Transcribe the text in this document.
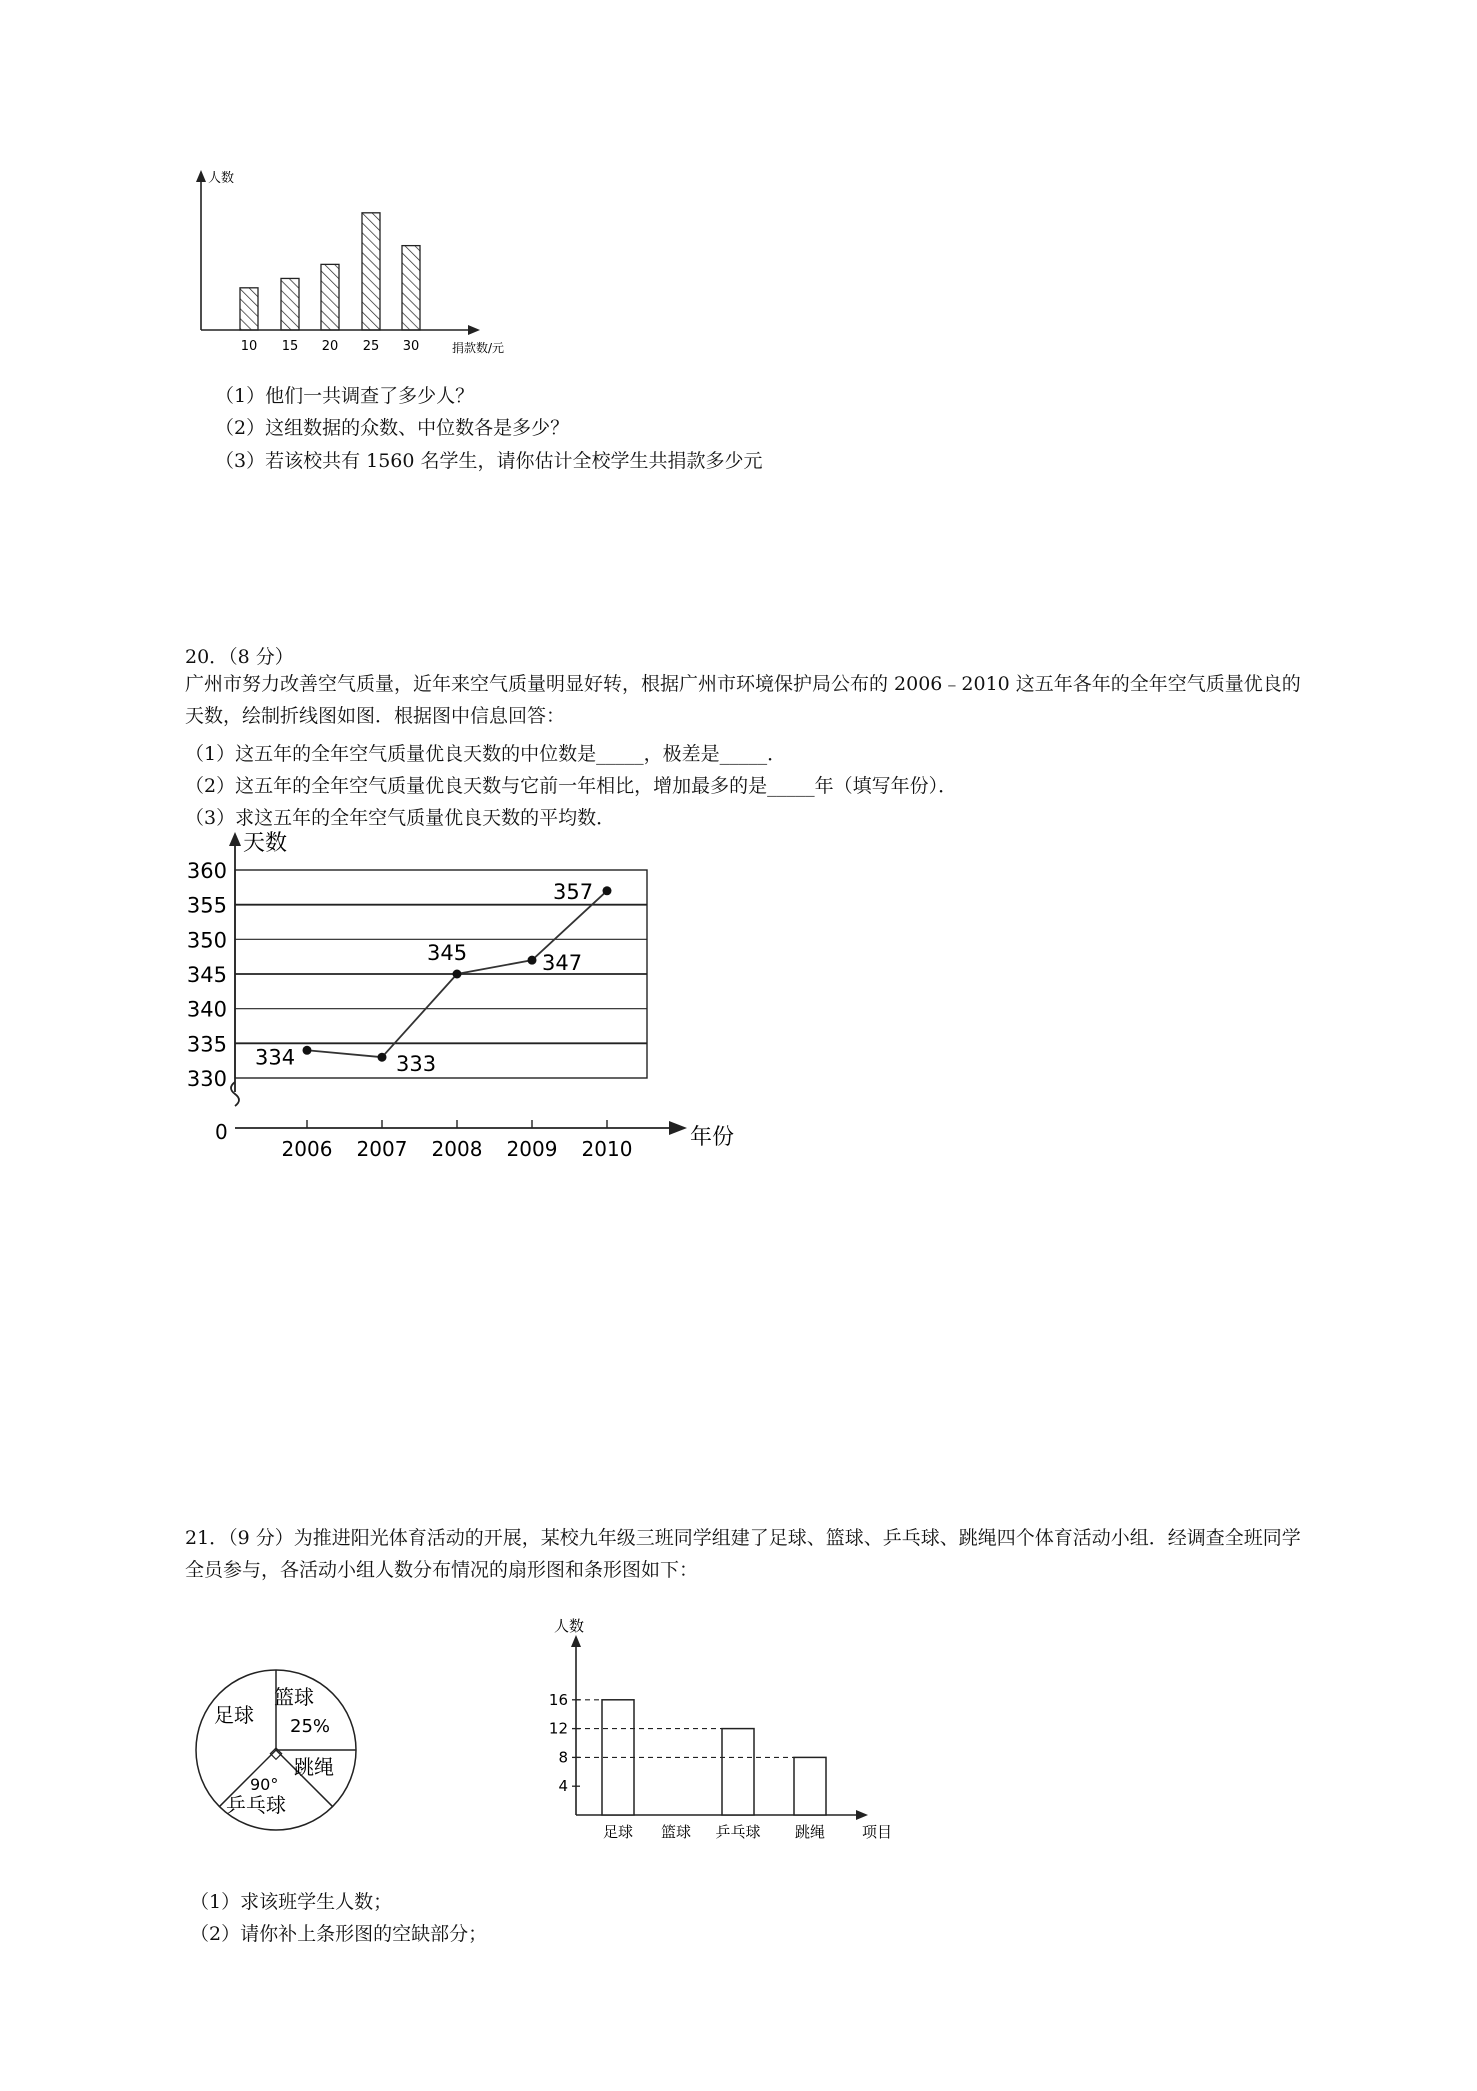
人数
捐款数/元
10 15 20 25 30
（1）他们一共调查了多少人？
（2）这组数据的众数、中位数各是多少？
（3）若该校共有 1560 名学生，请你估计全校学生共捐款多少元
20．（8 分）
广州市努力改善空气质量，近年来空气质量明显好转，根据广州市环境保护局公布的 2006﹣2010 这五年各年的全年空气质量优良的天数，绘制折线图如图．根据图中信息回答：
（1）这五年的全年空气质量优良天数的中位数是_____，极差是_____．
（2）这五年的全年空气质量优良天数与它前一年相比，增加最多的是_____年（填写年份）．
（3）求这五年的全年空气质量优良天数的平均数．
360
355
350
345
340
335
330
天数
年份
0
2006 2007 2008 2009 2010
334	333
345	347
357
21．（9 分）为推进阳光体育活动的开展，某校九年级三班同学组建了足球、篮球、乒乓球、跳绳四个体育活动小组．经调查全班同学全员参与，各活动小组人数分布情况的扇形图和条形图如下：
足球
篮球
25%
跳绳
90°
乒乓球
人数
项目
16
12
8
4
足球 篮球 乒乓球 跳绳
（1）求该班学生人数；
（2）请你补上条形图的空缺部分；
